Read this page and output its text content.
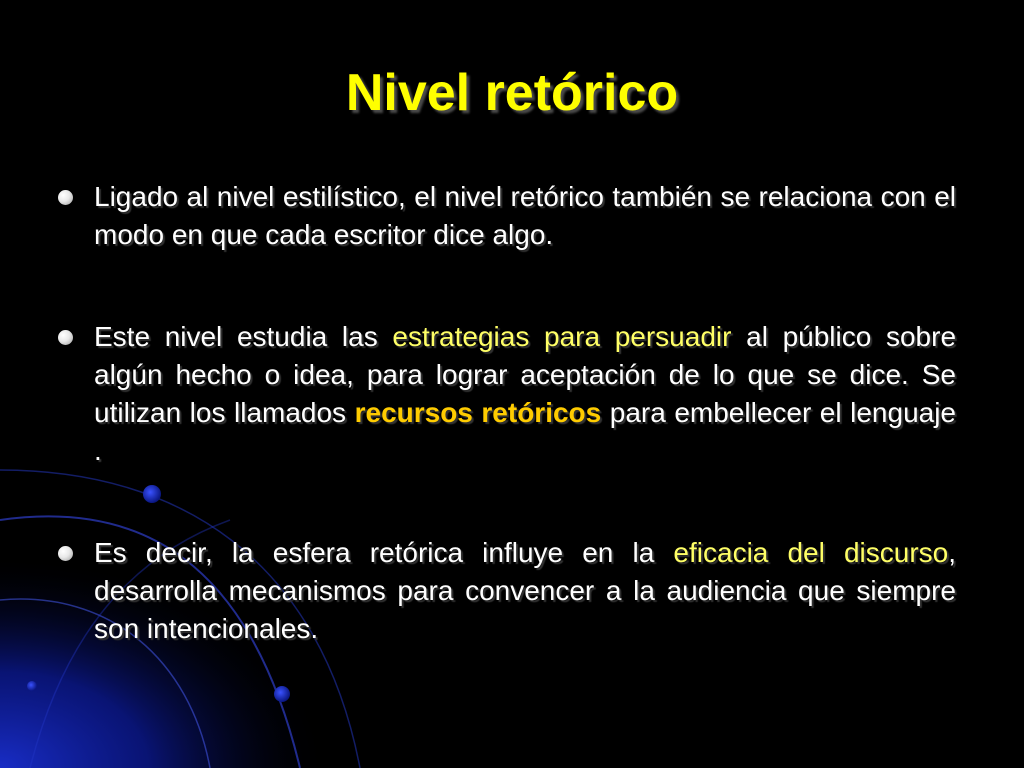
Nivel retórico
Ligado al nivel estilístico, el nivel retórico también se relaciona con el modo en que cada escritor dice algo.
Este nivel estudia las estrategias para persuadir al público sobre algún hecho o idea, para lograr aceptación de lo que se dice. Se utilizan los llamados recursos retóricos para embellecer el lenguaje .
Es decir, la esfera retórica influye en la eficacia del discurso, desarrolla mecanismos para convencer a la audiencia que siempre son intencionales.
